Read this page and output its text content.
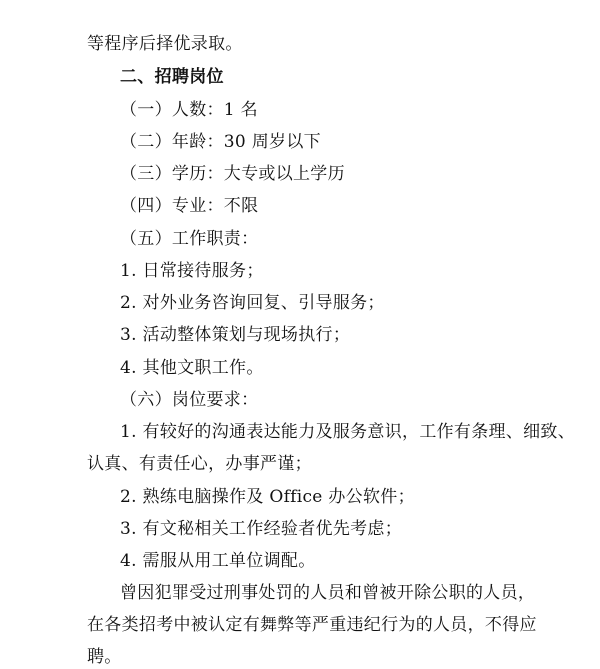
等程序后择优录取。
二、招聘岗位
（一）人数：1 名
（二）年龄：30 周岁以下
（三）学历：大专或以上学历
（四）专业：不限
（五）工作职责：
1. 日常接待服务；
2. 对外业务咨询回复、引导服务；
3. 活动整体策划与现场执行；
4. 其他文职工作。
（六）岗位要求：
1. 有较好的沟通表达能力及服务意识，工作有条理、细致、
认真、有责任心，办事严谨；
2. 熟练电脑操作及 Office 办公软件；
3. 有文秘相关工作经验者优先考虑；
4. 需服从用工单位调配。
曾因犯罪受过刑事处罚的人员和曾被开除公职的人员，
在各类招考中被认定有舞弊等严重违纪行为的人员，不得应
聘。
